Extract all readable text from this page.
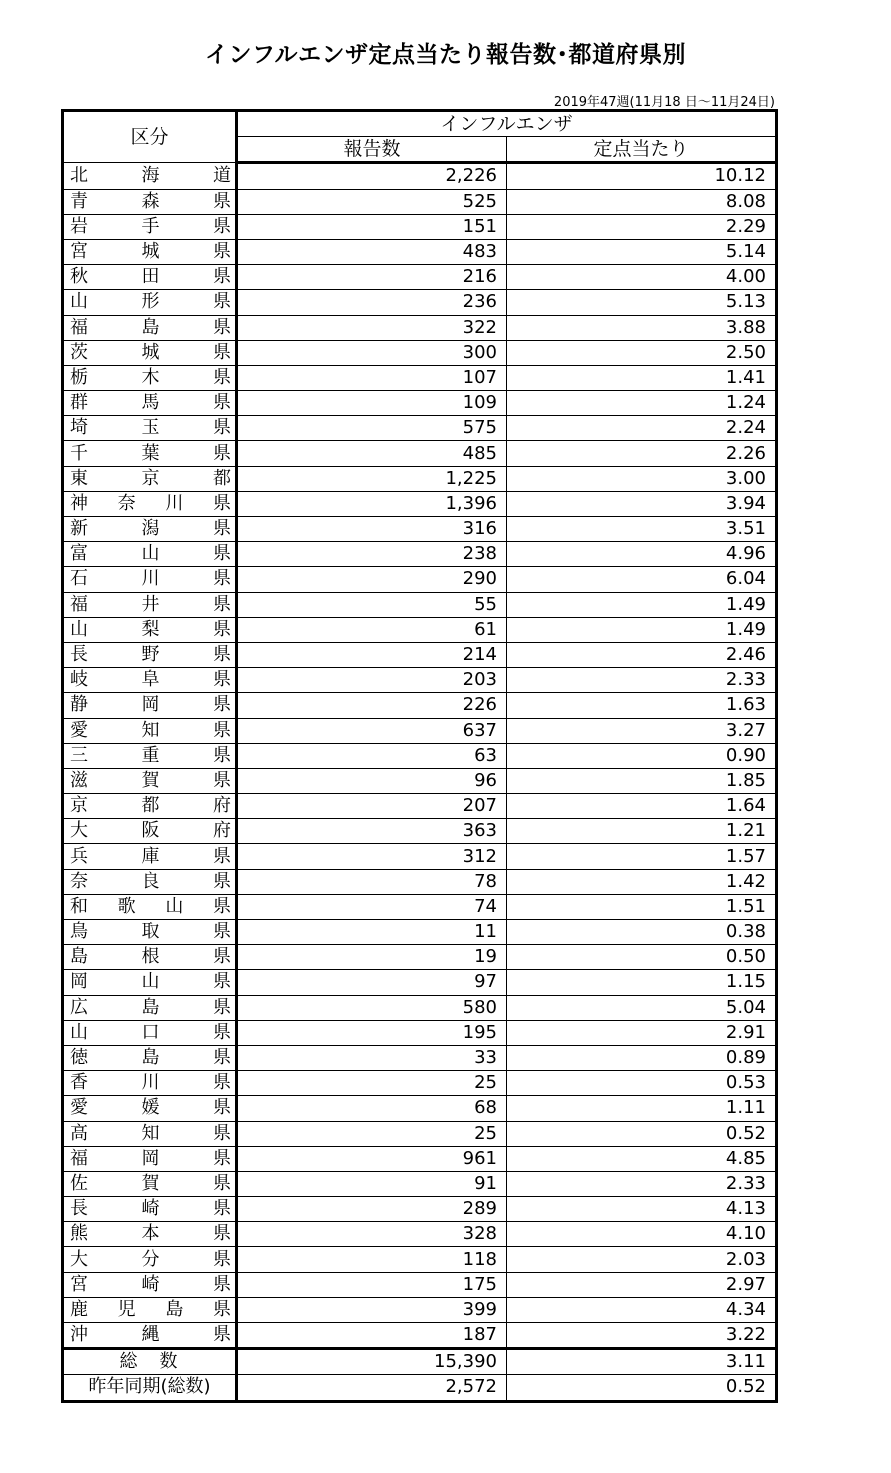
インフルエンザ定点当たり報告数･都道府県別
2019年47週(11月18 日～11月24日)
区分	インフルエンザ	
	報告数	定点当たり
北海道	2,226	10.12
青森県	525	8.08
岩手県	151	2.29
宮城県	483	5.14
秋田県	216	4.00
山形県	236	5.13
福島県	322	3.88
茨城県	300	2.50
栃木県	107	1.41
群馬県	109	1.24
埼玉県	575	2.24
千葉県	485	2.26
東京都	1,225	3.00
神奈川県	1,396	3.94
新潟県	316	3.51
富山県	238	4.96
石川県	290	6.04
福井県	55	1.49
山梨県	61	1.49
長野県	214	2.46
岐阜県	203	2.33
静岡県	226	1.63
愛知県	637	3.27
三重県	63	0.90
滋賀県	96	1.85
京都府	207	1.64
大阪府	363	1.21
兵庫県	312	1.57
奈良県	78	1.42
和歌山県	74	1.51
鳥取県	11	0.38
島根県	19	0.50
岡山県	97	1.15
広島県	580	5.04
山口県	195	2.91
徳島県	33	0.89
香川県	25	0.53
愛媛県	68	1.11
高知県	25	0.52
福岡県	961	4.85
佐賀県	91	2.33
長崎県	289	4.13
熊本県	328	4.10
大分県	118	2.03
宮崎県	175	2.97
鹿児島県	399	4.34
沖縄県	187	3.22
総　数	15,390	3.11
昨年同期(総数)	2,572	0.52
